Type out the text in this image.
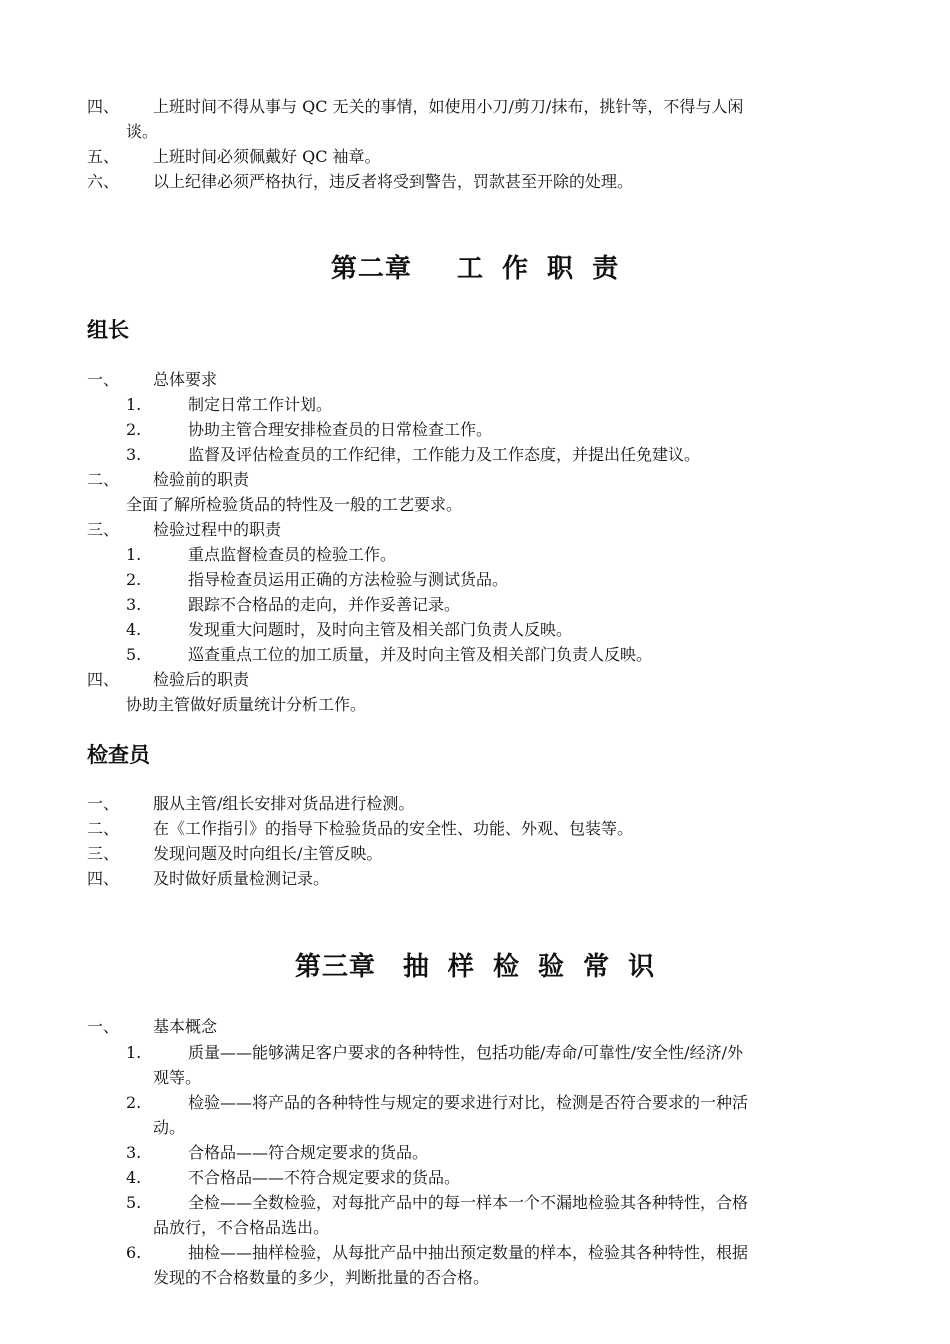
四、 上班时间不得从事与 QC 无关的事情，如使用小刀/剪刀/抹布，挑针等，不得与人闲
谈。
五、 上班时间必须佩戴好 QC 袖章。
六、 以上纪律必须严格执行，违反者将受到警告，罚款甚至开除的处理。
第二章　 工 作 职 责
组长
一、 总体要求
1.	制定日常工作计划。
2.	协助主管合理安排检查员的日常检查工作。
3.	监督及评估检查员的工作纪律，工作能力及工作态度，并提出任免建议。
二、 检验前的职责
全面了解所检验货品的特性及一般的工艺要求。
三、 检验过程中的职责
1.	重点监督检查员的检验工作。
2.	指导检查员运用正确的方法检验与测试货品。
3.	跟踪不合格品的走向，并作妥善记录。
4.	发现重大问题时，及时向主管及相关部门负责人反映。
5.	巡查重点工位的加工质量，并及时向主管及相关部门负责人反映。
四、 检验后的职责
协助主管做好质量统计分析工作。
检查员
一、 服从主管/组长安排对货品进行检测。
二、 在《工作指引》的指导下检验货品的安全性、功能、外观、包装等。
三、 发现问题及时向组长/主管反映。
四、 及时做好质量检测记录。
第三章　抽 样 检 验 常 识
一、 基本概念
1.	质量——能够满足客户要求的各种特性，包括功能/寿命/可靠性/安全性/经济/外
观等。
2.	检验——将产品的各种特性与规定的要求进行对比，检测是否符合要求的一种活
动。
3.	合格品——符合规定要求的货品。
4.	不合格品——不符合规定要求的货品。
5.	全检——全数检验，对每批产品中的每一样本一个不漏地检验其各种特性，合格
品放行，不合格品选出。
6.	抽检——抽样检验，从每批产品中抽出预定数量的样本，检验其各种特性，根据
发现的不合格数量的多少，判断批量的否合格。
